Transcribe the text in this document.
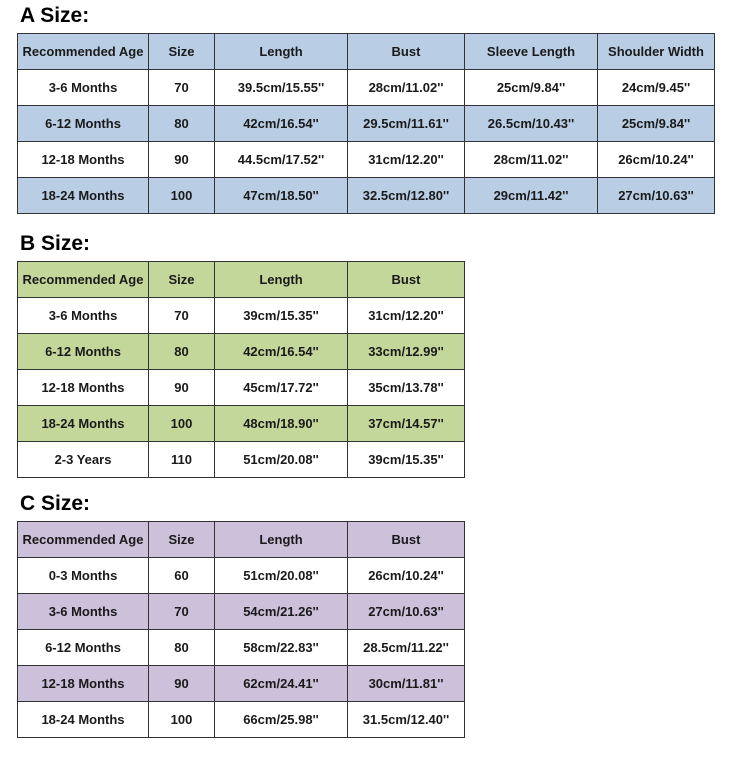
A Size:
Recommended Age	Size	Length	Bust	Sleeve Length	Shoulder Width
3-6 Months	70	39.5cm/15.55''	28cm/11.02''	25cm/9.84''	24cm/9.45''
6-12 Months	80	42cm/16.54''	29.5cm/11.61''	26.5cm/10.43''	25cm/9.84''
12-18 Months	90	44.5cm/17.52''	31cm/12.20''	28cm/11.02''	26cm/10.24''
18-24 Months	100	47cm/18.50''	32.5cm/12.80''	29cm/11.42''	27cm/10.63''
B Size:
Recommended Age	Size	Length	Bust
3-6 Months	70	39cm/15.35''	31cm/12.20''
6-12 Months	80	42cm/16.54''	33cm/12.99''
12-18 Months	90	45cm/17.72''	35cm/13.78''
18-24 Months	100	48cm/18.90''	37cm/14.57''
2-3 Years	110	51cm/20.08''	39cm/15.35''
C Size:
Recommended Age	Size	Length	Bust
0-3 Months	60	51cm/20.08''	26cm/10.24''
3-6 Months	70	54cm/21.26''	27cm/10.63''
6-12 Months	80	58cm/22.83''	28.5cm/11.22''
12-18 Months	90	62cm/24.41''	30cm/11.81''
18-24 Months	100	66cm/25.98''	31.5cm/12.40''
